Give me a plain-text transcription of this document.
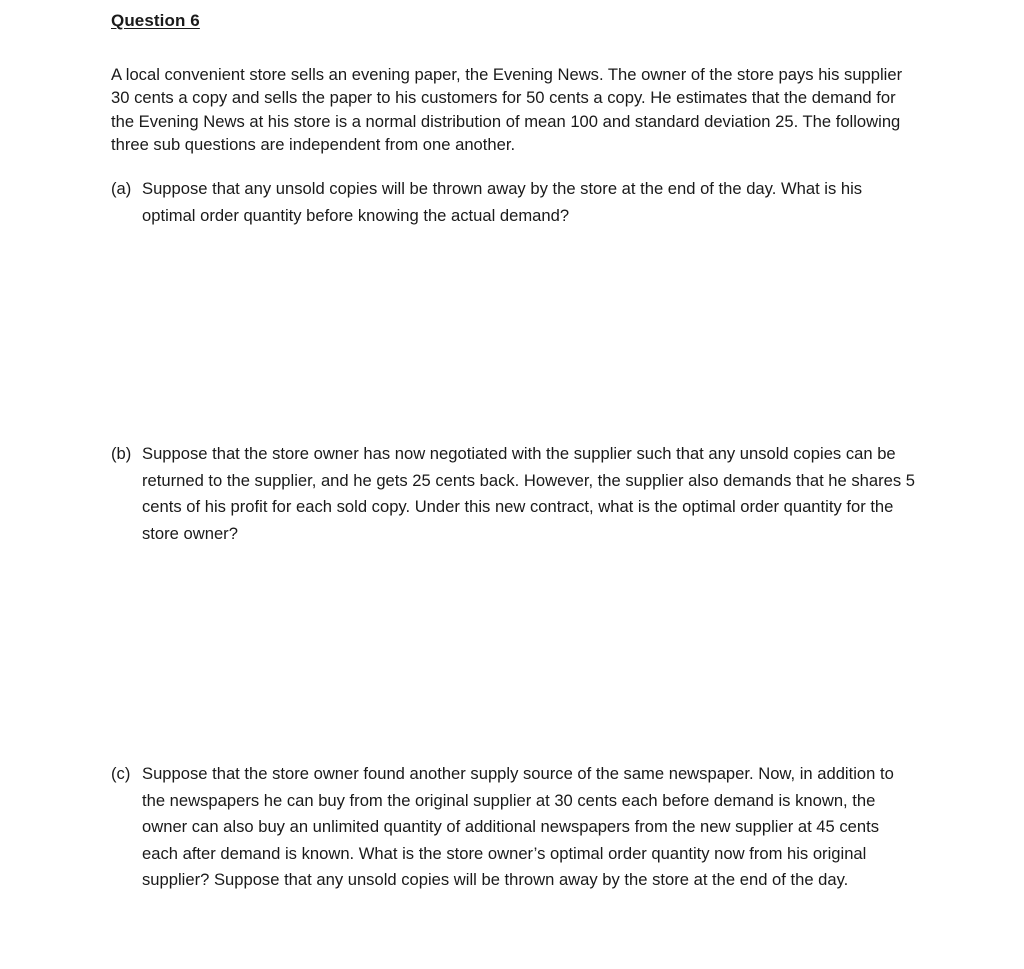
Question 6

A local convenient store sells an evening paper, the Evening News. The owner of the store pays his supplier 30 cents a copy and sells the paper to his customers for 50 cents a copy. He estimates that the demand for the Evening News at his store is a normal distribution of mean 100 and standard deviation 25. The following three sub questions are independent from one another.

(a) Suppose that any unsold copies will be thrown away by the store at the end of the day. What is his optimal order quantity before knowing the actual demand?
(b) Suppose that the store owner has now negotiated with the supplier such that any unsold copies can be returned to the supplier, and he gets 25 cents back. However, the supplier also demands that he shares 5 cents of his profit for each sold copy. Under this new contract, what is the optimal order quantity for the store owner?
(c) Suppose that the store owner found another supply source of the same newspaper. Now, in addition to the newspapers he can buy from the original supplier at 30 cents each before demand is known, the owner can also buy an unlimited quantity of additional newspapers from the new supplier at 45 cents each after demand is known. What is the store owner’s optimal order quantity now from his original supplier? Suppose that any unsold copies will be thrown away by the store at the end of the day.
